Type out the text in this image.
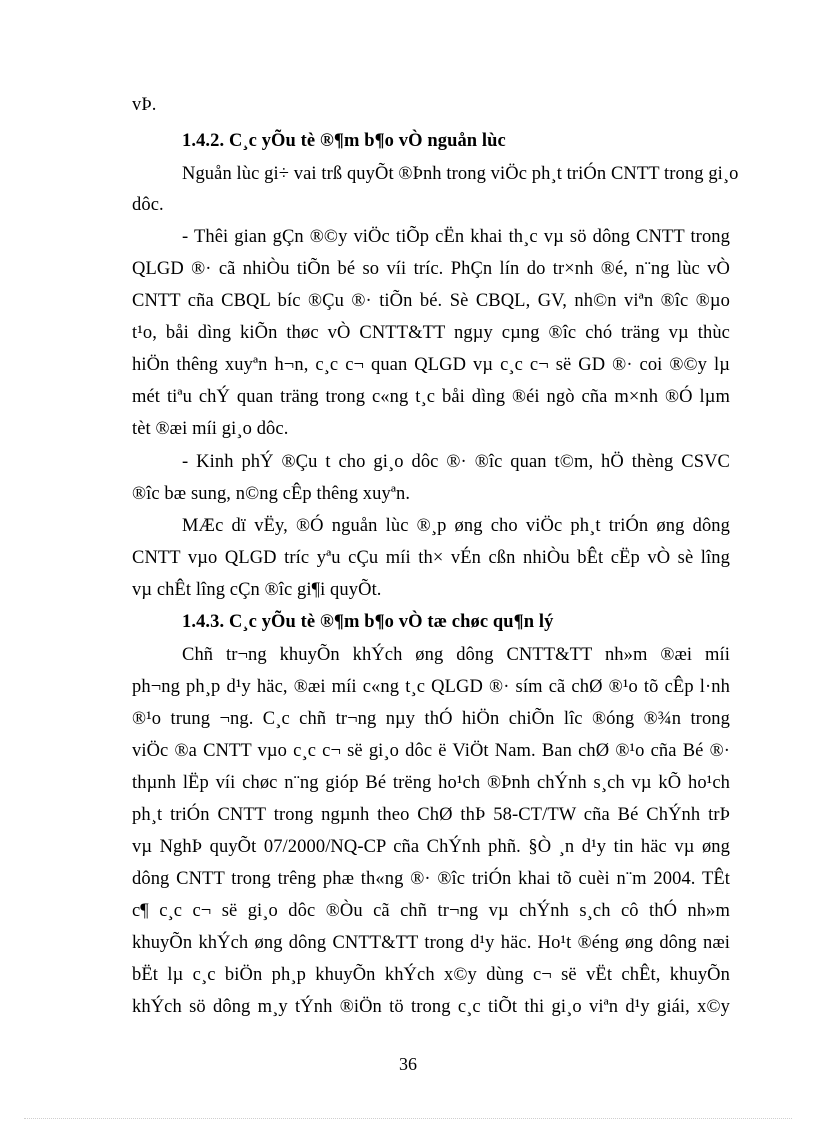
vÞ.
1.4.2. C¸c yÕu tè ®¶m b¶o vÒ nguån lùc
Nguån lùc gi÷ vai trß quyÕt ®Þnh trong viÖc ph¸t triÓn CNTT trong gi¸o
dôc.
- Thêi gian gÇn ®©y viÖc tiÕp cËn khai th¸c vµ sö dông CNTT trong
QLGD ®· cã nhiÒu tiÕn bé so víi tríc. PhÇn lín do tr×nh ®é, n¨ng lùc vÒ
CNTT cña CBQL bíc ®Çu ®· tiÕn bé. Sè CBQL, GV, nh©n viªn ®îc ®µo
t¹o, båi dìng kiÕn thøc vÒ CNTT&TT ngµy cµng ®îc chó träng vµ thùc
hiÖn thêng xuyªn h¬n, c¸c c¬ quan QLGD vµ c¸c c¬ së GD ®· coi ®©y lµ
mét tiªu chÝ quan träng trong c«ng t¸c båi dìng ®éi ngò cña m×nh ®Ó lµm
tèt ®æi míi gi¸o dôc.
- Kinh phÝ ®Çu t cho gi¸o dôc ®· ®îc quan t©m, hÖ thèng CSVC
®îc bæ sung, n©ng cÊp thêng xuyªn.
MÆc dï vËy, ®Ó nguån lùc ®¸p øng cho viÖc ph¸t triÓn øng dông
CNTT vµo QLGD tríc yªu cÇu míi th× vÉn cßn nhiÒu bÊt cËp vÒ sè lîng
vµ chÊt lîng cÇn ®îc gi¶i quyÕt.
1.4.3. C¸c yÕu tè ®¶m b¶o vÒ tæ chøc qu¶n lý
Chñ tr¬ng khuyÕn khÝch øng dông CNTT&TT nh»m ®æi míi
ph¬ng ph¸p d¹y häc, ®æi míi c«ng t¸c QLGD ®· sím cã chØ ®¹o tõ cÊp l·nh
®¹o trung ¬ng. C¸c chñ tr¬ng nµy thÓ hiÖn chiÕn lîc ®óng ®¾n trong
viÖc ®a CNTT vµo c¸c c¬ së gi¸o dôc ë ViÖt Nam. Ban chØ ®¹o cña Bé ®·
thµnh lËp víi chøc n¨ng gióp Bé trëng ho¹ch ®Þnh chÝnh s¸ch vµ kÕ ho¹ch
ph¸t triÓn CNTT trong ngµnh theo ChØ thÞ 58-CT/TW cña Bé ChÝnh trÞ
vµ NghÞ quyÕt 07/2000/NQ-CP cña ChÝnh phñ. §Ò ¸n d¹y tin häc vµ øng
dông CNTT trong trêng phæ th«ng ®· ®îc triÓn khai tõ cuèi n¨m 2004. TÊt
c¶ c¸c c¬ së gi¸o dôc ®Òu cã chñ tr¬ng vµ chÝnh s¸ch cô thÓ nh»m
khuyÕn khÝch øng dông CNTT&TT trong d¹y häc. Ho¹t ®éng øng dông næi
bËt lµ c¸c biÖn ph¸p khuyÕn khÝch x©y dùng c¬ së vËt chÊt, khuyÕn
khÝch sö dông m¸y tÝnh ®iÖn tö trong c¸c tiÕt thi gi¸o viªn d¹y giái, x©y
36
